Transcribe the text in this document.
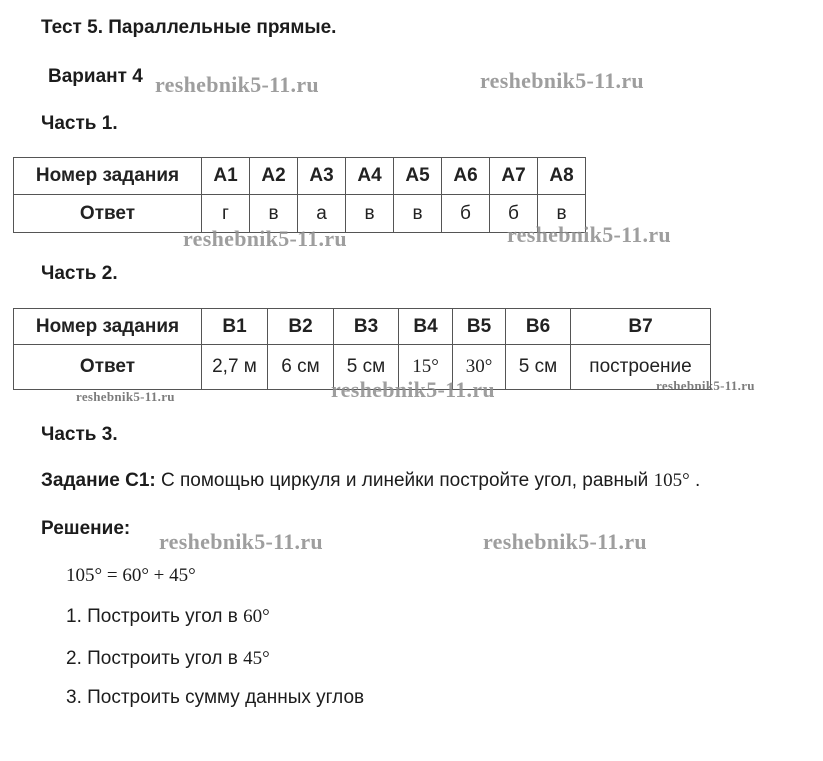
Тест 5. Параллельные прямые.
Вариант 4
Часть 1.
Номер задания	A1	A2	A3	A4	A5	A6	A7	A8
Ответ	г	в	а	в	в	б	б	в
Часть 2.
Номер задания	B1	B2	B3	B4	B5	B6	B7
Ответ	2,7 м	6 см	5 см	15°	30°	5 см	построение
Часть 3.
Задание С1: С помощью циркуля и линейки постройте угол, равный 105° .
Решение:
105° = 60° + 45°
1. Построить угол в 60°
2. Построить угол в 45°
3. Построить сумму данных углов
reshebnik5-11.ru	reshebnik5-11.ru
reshebnik5-11.ru	reshebnik5-11.ru
reshebnik5-11.ru	reshebnik5-11.ru	reshebnik5-11.ru
reshebnik5-11.ru	reshebnik5-11.ru
